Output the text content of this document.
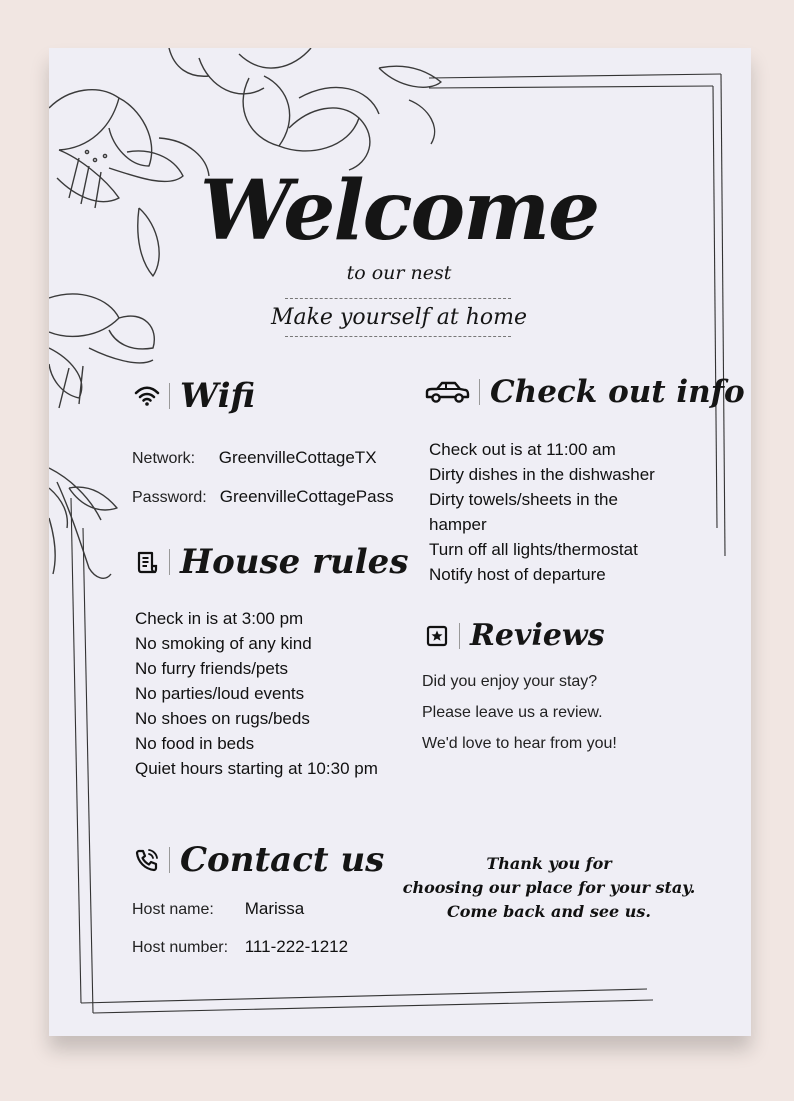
Welcome
to our nest
Make yourself at home
Wifi
Network: GreenvilleCottageTX
Password: GreenvilleCottagePass
Check out info
Check out is at 11:00 am
Dirty dishes in the dishwasher
Dirty towels/sheets in the
hamper
Turn off all lights/thermostat
Notify host of departure
House rules
Check in is at 3:00 pm
No smoking of any kind
No furry friends/pets
No parties/loud events
No shoes on rugs/beds
No food in beds
Quiet hours starting at 10:30 pm
Reviews
Did you enjoy your stay?
Please leave us a review.
We'd love to hear from you!
Contact us
Host name: Marissa
Host number: 111-222-1212
Thank you for
choosing our place for your stay.
Come back and see us.
